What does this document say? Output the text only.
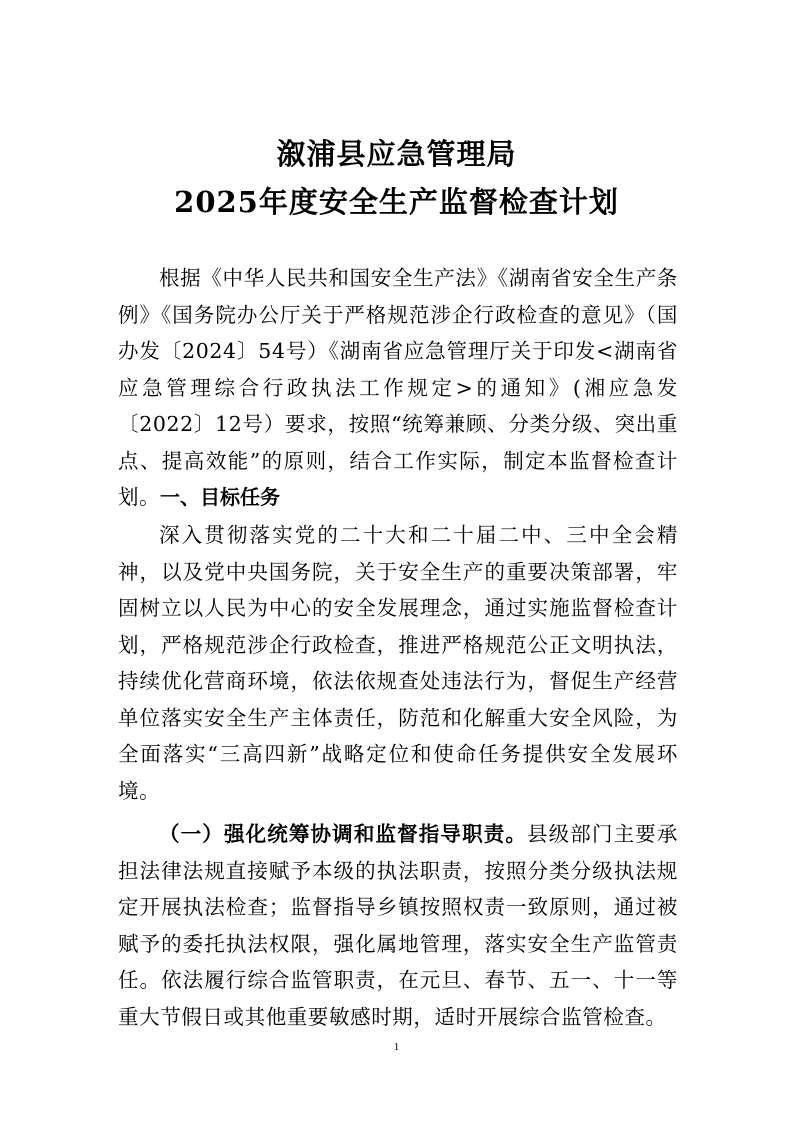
溆浦县应急管理局
2025年度安全生产监督检查计划

根据《中华人民共和国安全生产法》《湖南省安全生产条例》《国务院办公厅关于严格规范涉企行政检查的意见》（国办发〔2024〕54号）《湖南省应急管理厅关于印发<湖南省应急管理综合行政执法工作规定>的通知》(湘应急发〔2022〕12号）要求，按照“统筹兼顾、分类分级、突出重点、提高效能”的原则，结合工作实际，制定本监督检查计划。 一、目标任务

深入贯彻落实党的二十大和二十届二中、三中全会精神，以及党中央国务院，关于安全生产的重要决策部署，牢固树立以人民为中心的安全发展理念，通过实施监督检查计划，严格规范涉企行政检查，推进严格规范公正文明执法，持续优化营商环境，依法依规查处违法行为，督促生产经营单位落实安全生产主体责任，防范和化解重大安全风险，为全面落实“三高四新”战略定位和使命任务提供安全发展环境。

（一）强化统筹协调和监督指导职责。县级部门主要承担法律法规直接赋予本级的执法职责，按照分类分级执法规定开展执法检查；监督指导乡镇按照权责一致原则，通过被赋予的委托执法权限，强化属地管理，落实安全生产监管责任。依法履行综合监管职责，在元旦、春节、五一、十一等重大节假日或其他重要敏感时期，适时开展综合监管检查。

1
